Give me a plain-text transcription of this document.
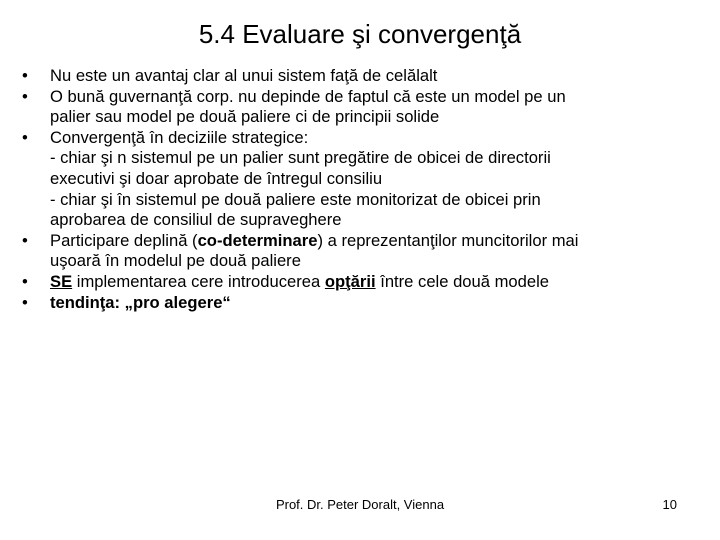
5.4 Evaluare şi convergenţă
• Nu este un avantaj clar al unui sistem faţă de celălalt
• O bună guvernanţă corp. nu depinde de faptul că este un model pe un
palier sau model pe două paliere ci de principii solide
• Convergenţă în deciziile strategice:
- chiar şi n sistemul pe un palier sunt pregătire de obicei de directorii
executivi şi doar aprobate de întregul consiliu
- chiar şi în sistemul pe două paliere este monitorizat de obicei prin
aprobarea de consiliul de supraveghere
• Participare deplină (co-determinare) a reprezentanţilor muncitorilor mai
uşoară în modelul pe două paliere
• SE implementarea cere introducerea opţării între cele două modele
• tendinţa: „pro alegere“
Prof. Dr. Peter Doralt, Vienna	10
